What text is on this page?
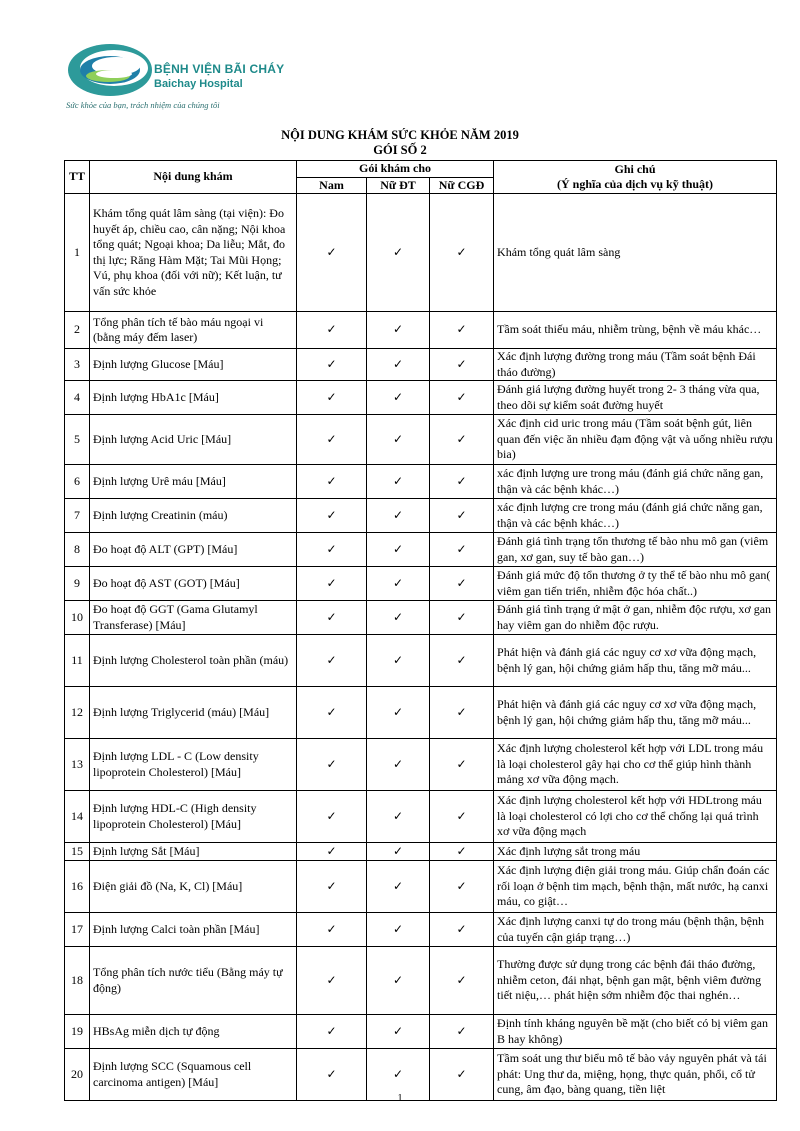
BỆNH VIỆN BÃI CHÁY
Baichay Hospital
Sức khỏe của bạn, trách nhiệm của chúng tôi
NỘI DUNG KHÁM SỨC KHỎE NĂM 2019
GÓI SỐ 2
TT	Nội dung khám	Gói khám cho			Ghi chú
(Ý nghĩa của dịch vụ kỹ thuật)
		Nam	Nữ ĐT	Nữ CGĐ	
1	Khám tổng quát lâm sàng (tại viện): Đo huyết áp, chiều cao, cân nặng; Nội khoa tổng quát; Ngoại khoa; Da liễu; Mắt, đo thị lực; Răng Hàm Mặt; Tai Mũi Họng; Vú, phụ khoa (đối với nữ); Kết luận, tư vấn sức khỏe	✓	✓	✓	Khám tổng quát lâm sàng
2	Tổng phân tích tế bào máu ngoại vi (bằng máy đếm laser)	✓	✓	✓	Tầm soát thiếu máu, nhiễm trùng, bệnh về máu khác…
3	Định lượng Glucose [Máu]	✓	✓	✓	Xác định lượng đường trong máu (Tầm soát bệnh Đái tháo đường)
4	Định lượng HbA1c [Máu]	✓	✓	✓	Đánh giá lượng đường huyết trong 2- 3 tháng vừa qua, theo dõi sự kiểm soát đường huyết
5	Định lượng Acid Uric [Máu]	✓	✓	✓	Xác định cid uric trong máu (Tầm soát bệnh gút, liên quan đến việc ăn nhiều đạm động vật và uống nhiều rượu bia)
6	Định lượng Urê máu [Máu]	✓	✓	✓	xác định lượng ure trong máu (đánh giá chức năng gan, thận và các bệnh khác…)
7	Định lượng Creatinin (máu)	✓	✓	✓	xác định lượng cre trong máu (đánh giá chức năng gan, thận và các bệnh khác…)
8	Đo hoạt độ ALT (GPT) [Máu]	✓	✓	✓	Đánh giá tình trạng tổn thương tế bào nhu mô gan (viêm gan, xơ gan, suy tế bào gan…)
9	Đo hoạt độ AST (GOT) [Máu]	✓	✓	✓	Đánh giá mức độ tổn thương ở ty thể tế bào nhu mô gan( viêm gan tiến triển, nhiễm độc hóa chất..)
10	Đo hoạt độ GGT (Gama Glutamyl Transferase) [Máu]	✓	✓	✓	Đánh giá tình trạng ứ mật ở gan, nhiễm độc rượu, xơ gan hay viêm gan do nhiễm độc rượu.
11	Định lượng Cholesterol toàn phần (máu)	✓	✓	✓	Phát hiện và đánh giá các nguy cơ xơ vữa động mạch, bệnh lý gan, hội chứng giảm hấp thu, tăng mỡ máu...
12	Định lượng Triglycerid (máu) [Máu]	✓	✓	✓	Phát hiện và đánh giá các nguy cơ xơ vữa động mạch, bệnh lý gan, hội chứng giảm hấp thu, tăng mỡ máu...
13	Định lượng LDL - C (Low density lipoprotein Cholesterol) [Máu]	✓	✓	✓	Xác định lượng cholesterol kết hợp với LDL trong máu là loại cholesterol gây hại cho cơ thể giúp hình thành mảng xơ vữa động mạch.
14	Định lượng HDL-C (High density lipoprotein Cholesterol) [Máu]	✓	✓	✓	Xác định lượng cholesterol kết hợp với HDLtrong máu là loại cholesterol có lợi cho cơ thể chống lại quá trình xơ vữa động mạch
15	Định lượng Sắt [Máu]	✓	✓	✓	Xác định lượng sắt trong máu
16	Điện giải đồ (Na, K, Cl) [Máu]	✓	✓	✓	Xác định lượng điện giải trong máu. Giúp chẩn đoán các rối loạn ở bệnh tim mạch, bệnh thận, mất nước, hạ canxi máu, co giật…
17	Định lượng Calci toàn phần [Máu]	✓	✓	✓	Xác định lượng canxi tự do trong máu (bệnh thận, bệnh của tuyến cận giáp trạng…)
18	Tổng phân tích nước tiểu (Bằng máy tự động)	✓	✓	✓	Thường được sử dụng trong các bệnh đái tháo đường, nhiễm ceton, đái nhạt, bệnh gan mật, bệnh viêm đường tiết niệu,… phát hiện sớm nhiễm độc thai nghén…
19	HBsAg miễn dịch tự động	✓	✓	✓	Định tính kháng nguyên bề mặt (cho biết có bị viêm gan B hay không)
20	Định lượng SCC (Squamous cell carcinoma antigen) [Máu]	✓	✓	✓	Tầm soát ung thư biểu mô tế bào vảy nguyên phát và tái phát: Ung thư da, miệng, họng, thực quản, phổi, cổ tử cung, âm đạo, bàng quang, tiền liệt
1
